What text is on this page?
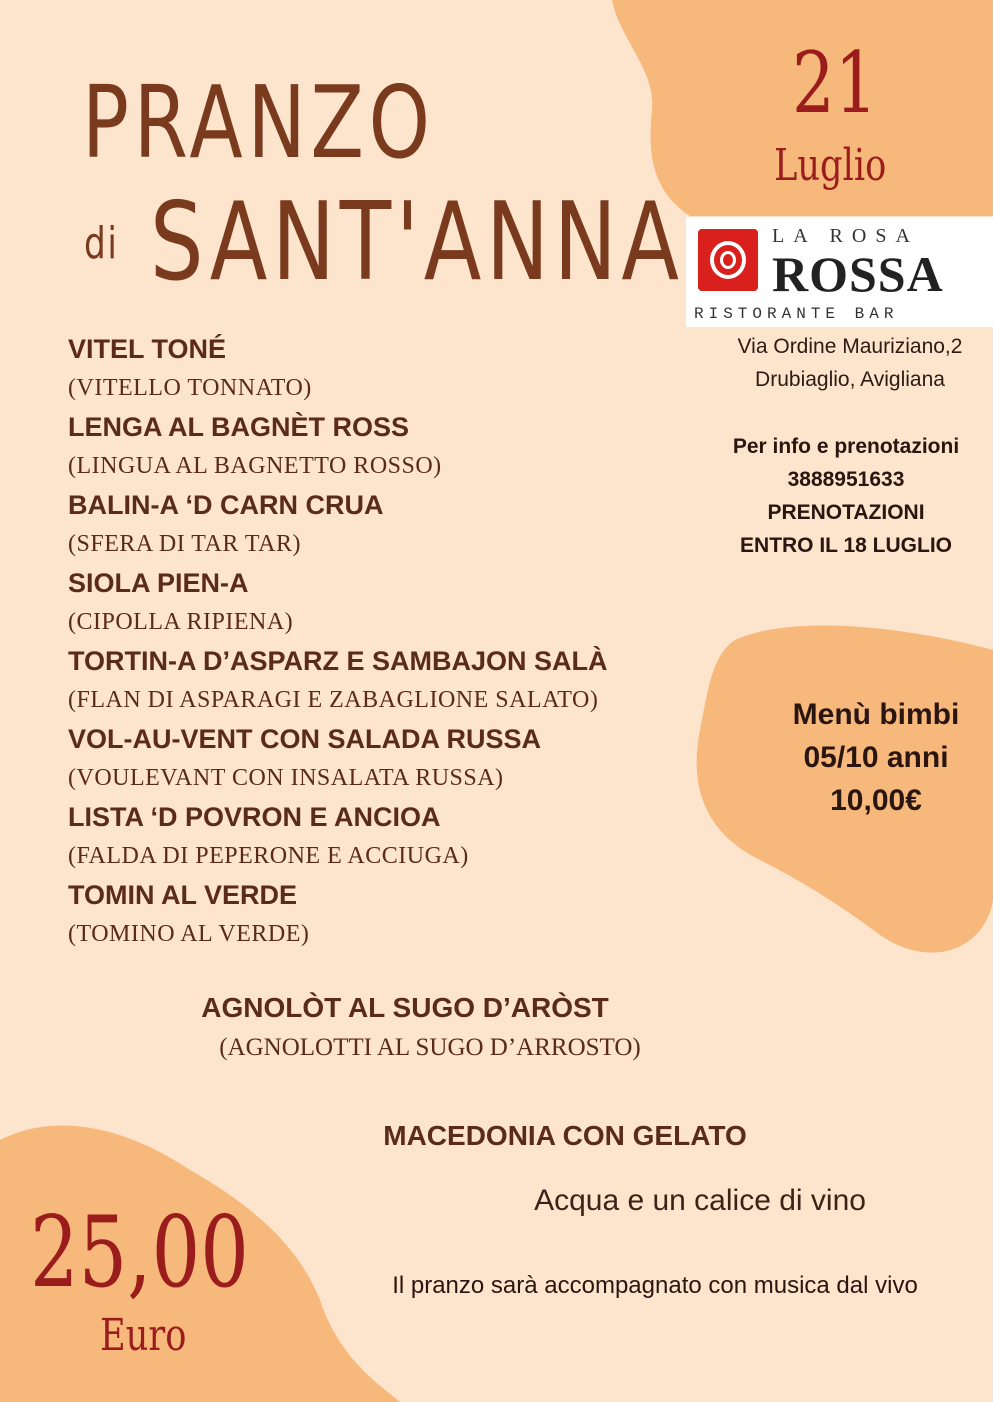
PRANZO
di SANT'ANNA
21
Luglio
LA ROSA
ROSSA
RISTORANTE BAR
Via Ordine Mauriziano,2
Drubiaglio, Avigliana
Per info e prenotazioni
3888951633
PRENOTAZIONI
ENTRO IL 18 LUGLIO
VITEL TONÉ
(VITELLO TONNATO)
LENGA AL BAGNÈT ROSS
(LINGUA AL BAGNETTO ROSSO)
BALIN-A ‘D CARN CRUA
(SFERA DI TAR TAR)
SIOLA PIEN-A
(CIPOLLA RIPIENA)
TORTIN-A D’ASPARZ E SAMBAJON SALÀ
(FLAN DI ASPARAGI E ZABAGLIONE SALATO)
VOL-AU-VENT CON SALADA RUSSA
(VOULEVANT CON INSALATA RUSSA)
LISTA ‘D POVRON E ANCIOA
(FALDA DI PEPERONE E ACCIUGA)
TOMIN AL VERDE
(TOMINO AL VERDE)
Menù bimbi
05/10 anni
10,00€
AGNOLÒT AL SUGO D’ARÒST
(AGNOLOTTI AL SUGO D’ARROSTO)
MACEDONIA CON GELATO
Acqua e un calice di vino
Il pranzo sarà accompagnato con musica dal vivo
25,00
Euro
